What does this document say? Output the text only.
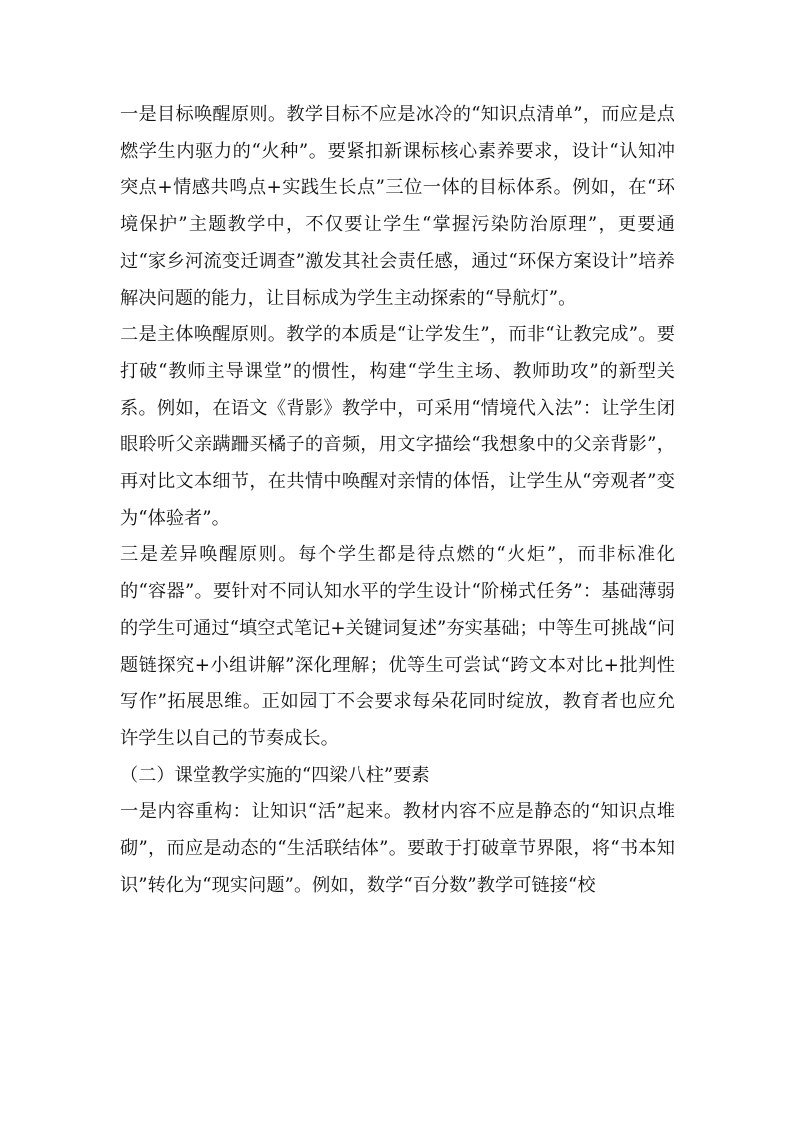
一是目标唤醒原则。教学目标不应是冰冷的“知识点清单”，而应是点燃学生内驱力的“火种”。要紧扣新课标核心素养要求，设计“认知冲突点+情感共鸣点+实践生长点”三位一体的目标体系。例如，在“环境保护”主题教学中，不仅要让学生“掌握污染防治原理”，更要通过“家乡河流变迁调查”激发其社会责任感，通过“环保方案设计”培养解决问题的能力，让目标成为学生主动探索的“导航灯”。

二是主体唤醒原则。教学的本质是“让学发生”，而非“让教完成”。要打破“教师主导课堂”的惯性，构建“学生主场、教师助攻”的新型关系。例如，在语文《背影》教学中，可采用“情境代入法”：让学生闭眼聆听父亲蹒跚买橘子的音频，用文字描绘“我想象中的父亲背影”，再对比文本细节，在共情中唤醒对亲情的体悟，让学生从“旁观者”变为“体验者”。

三是差异唤醒原则。每个学生都是待点燃的“火炬”，而非标准化的“容器”。要针对不同认知水平的学生设计“阶梯式任务”：基础薄弱的学生可通过“填空式笔记+关键词复述”夯实基础；中等生可挑战“问题链探究+小组讲解”深化理解；优等生可尝试“跨文本对比+批判性写作”拓展思维。正如园丁不会要求每朵花同时绽放，教育者也应允许学生以自己的节奏成长。

（二）课堂教学实施的“四梁八柱”要素

一是内容重构：让知识“活”起来。教材内容不应是静态的“知识点堆砌”，而应是动态的“生活联结体”。要敢于打破章节界限，将“书本知识”转化为“现实问题”。例如，数学“百分数”教学可链接“校
